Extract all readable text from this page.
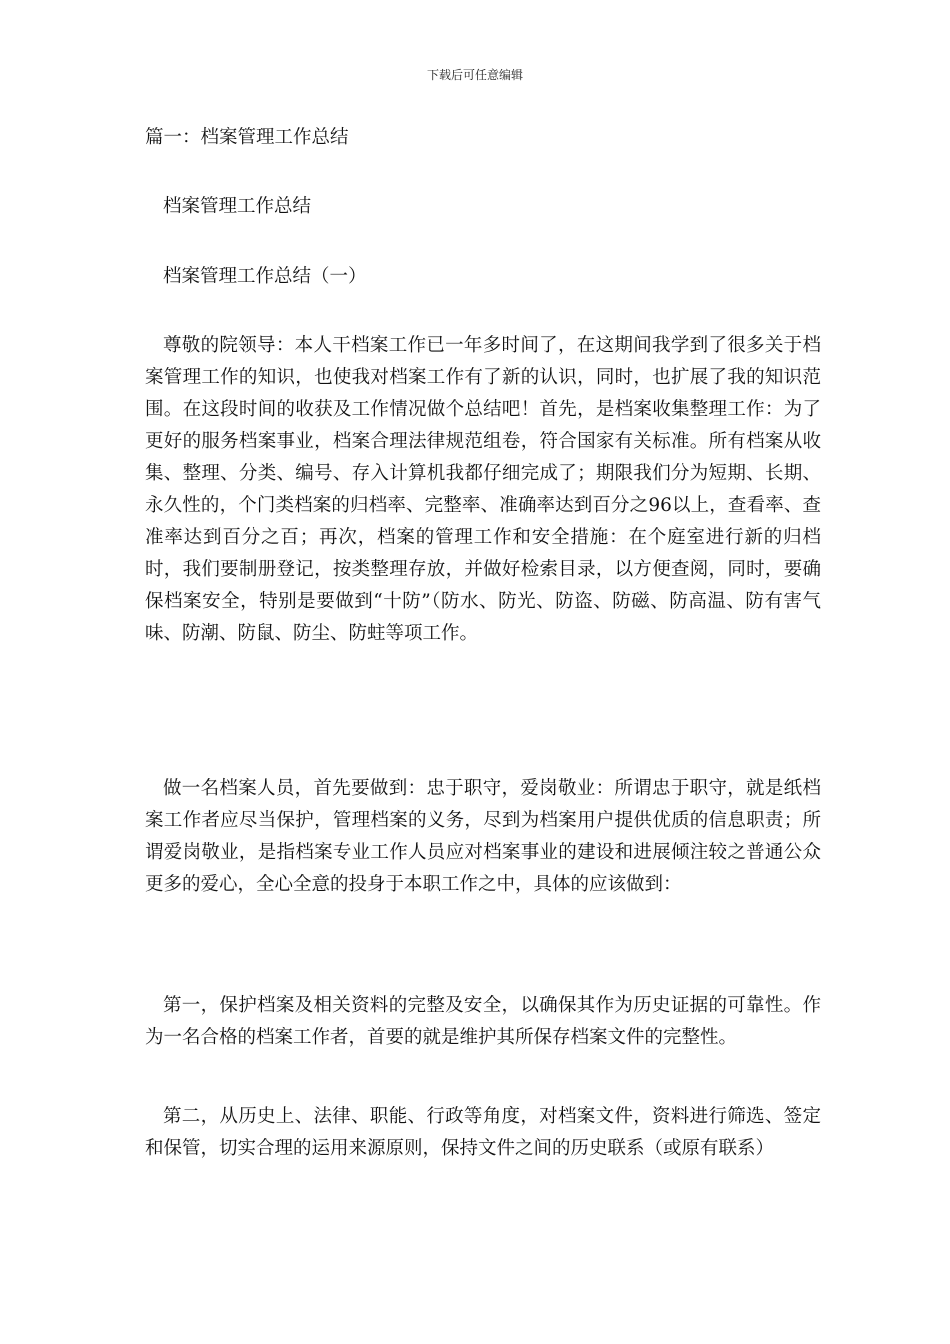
下载后可任意编辑
篇一：档案管理工作总结
档案管理工作总结
档案管理工作总结（一）

尊敬的院领导：本人干档案工作已一年多时间了，在这期间我学到了很多关于档案管理工作的知识，也使我对档案工作有了新的认识，同时，也扩展了我的知识范围。在这段时间的收获及工作情况做个总结吧！首先，是档案收集整理工作：为了更好的服务档案事业，档案合理法律规范组卷，符合国家有关标准。所有档案从收集、整理、分类、编号、存入计算机我都仔细完成了；期限我们分为短期、长期、永久性的，个门类档案的归档率、完整率、准确率达到百分之96以上，查看率、查准率达到百分之百；再次，档案的管理工作和安全措施：在个庭室进行新的归档时，我们要制册登记，按类整理存放，并做好检索目录，以方便查阅，同时，要确保档案安全，特别是要做到“十防”（防水、防光、防盗、防磁、防高温、防有害气味、防潮、防鼠、防尘、防蛀等项工作。

做一名档案人员，首先要做到：忠于职守，爱岗敬业：所谓忠于职守，就是纸档案工作者应尽当保护，管理档案的义务，尽到为档案用户提供优质的信息职责；所谓爱岗敬业，是指档案专业工作人员应对档案事业的建设和进展倾注较之普通公众更多的爱心，全心全意的投身于本职工作之中，具体的应该做到：

第一，保护档案及相关资料的完整及安全，以确保其作为历史证据的可靠性。作为一名合格的档案工作者，首要的就是维护其所保存档案文件的完整性。

第二，从历史上、法律、职能、行政等角度，对档案文件，资料进行筛选、签定和保管，切实合理的运用来源原则，保持文件之间的历史联系（或原有联系）
